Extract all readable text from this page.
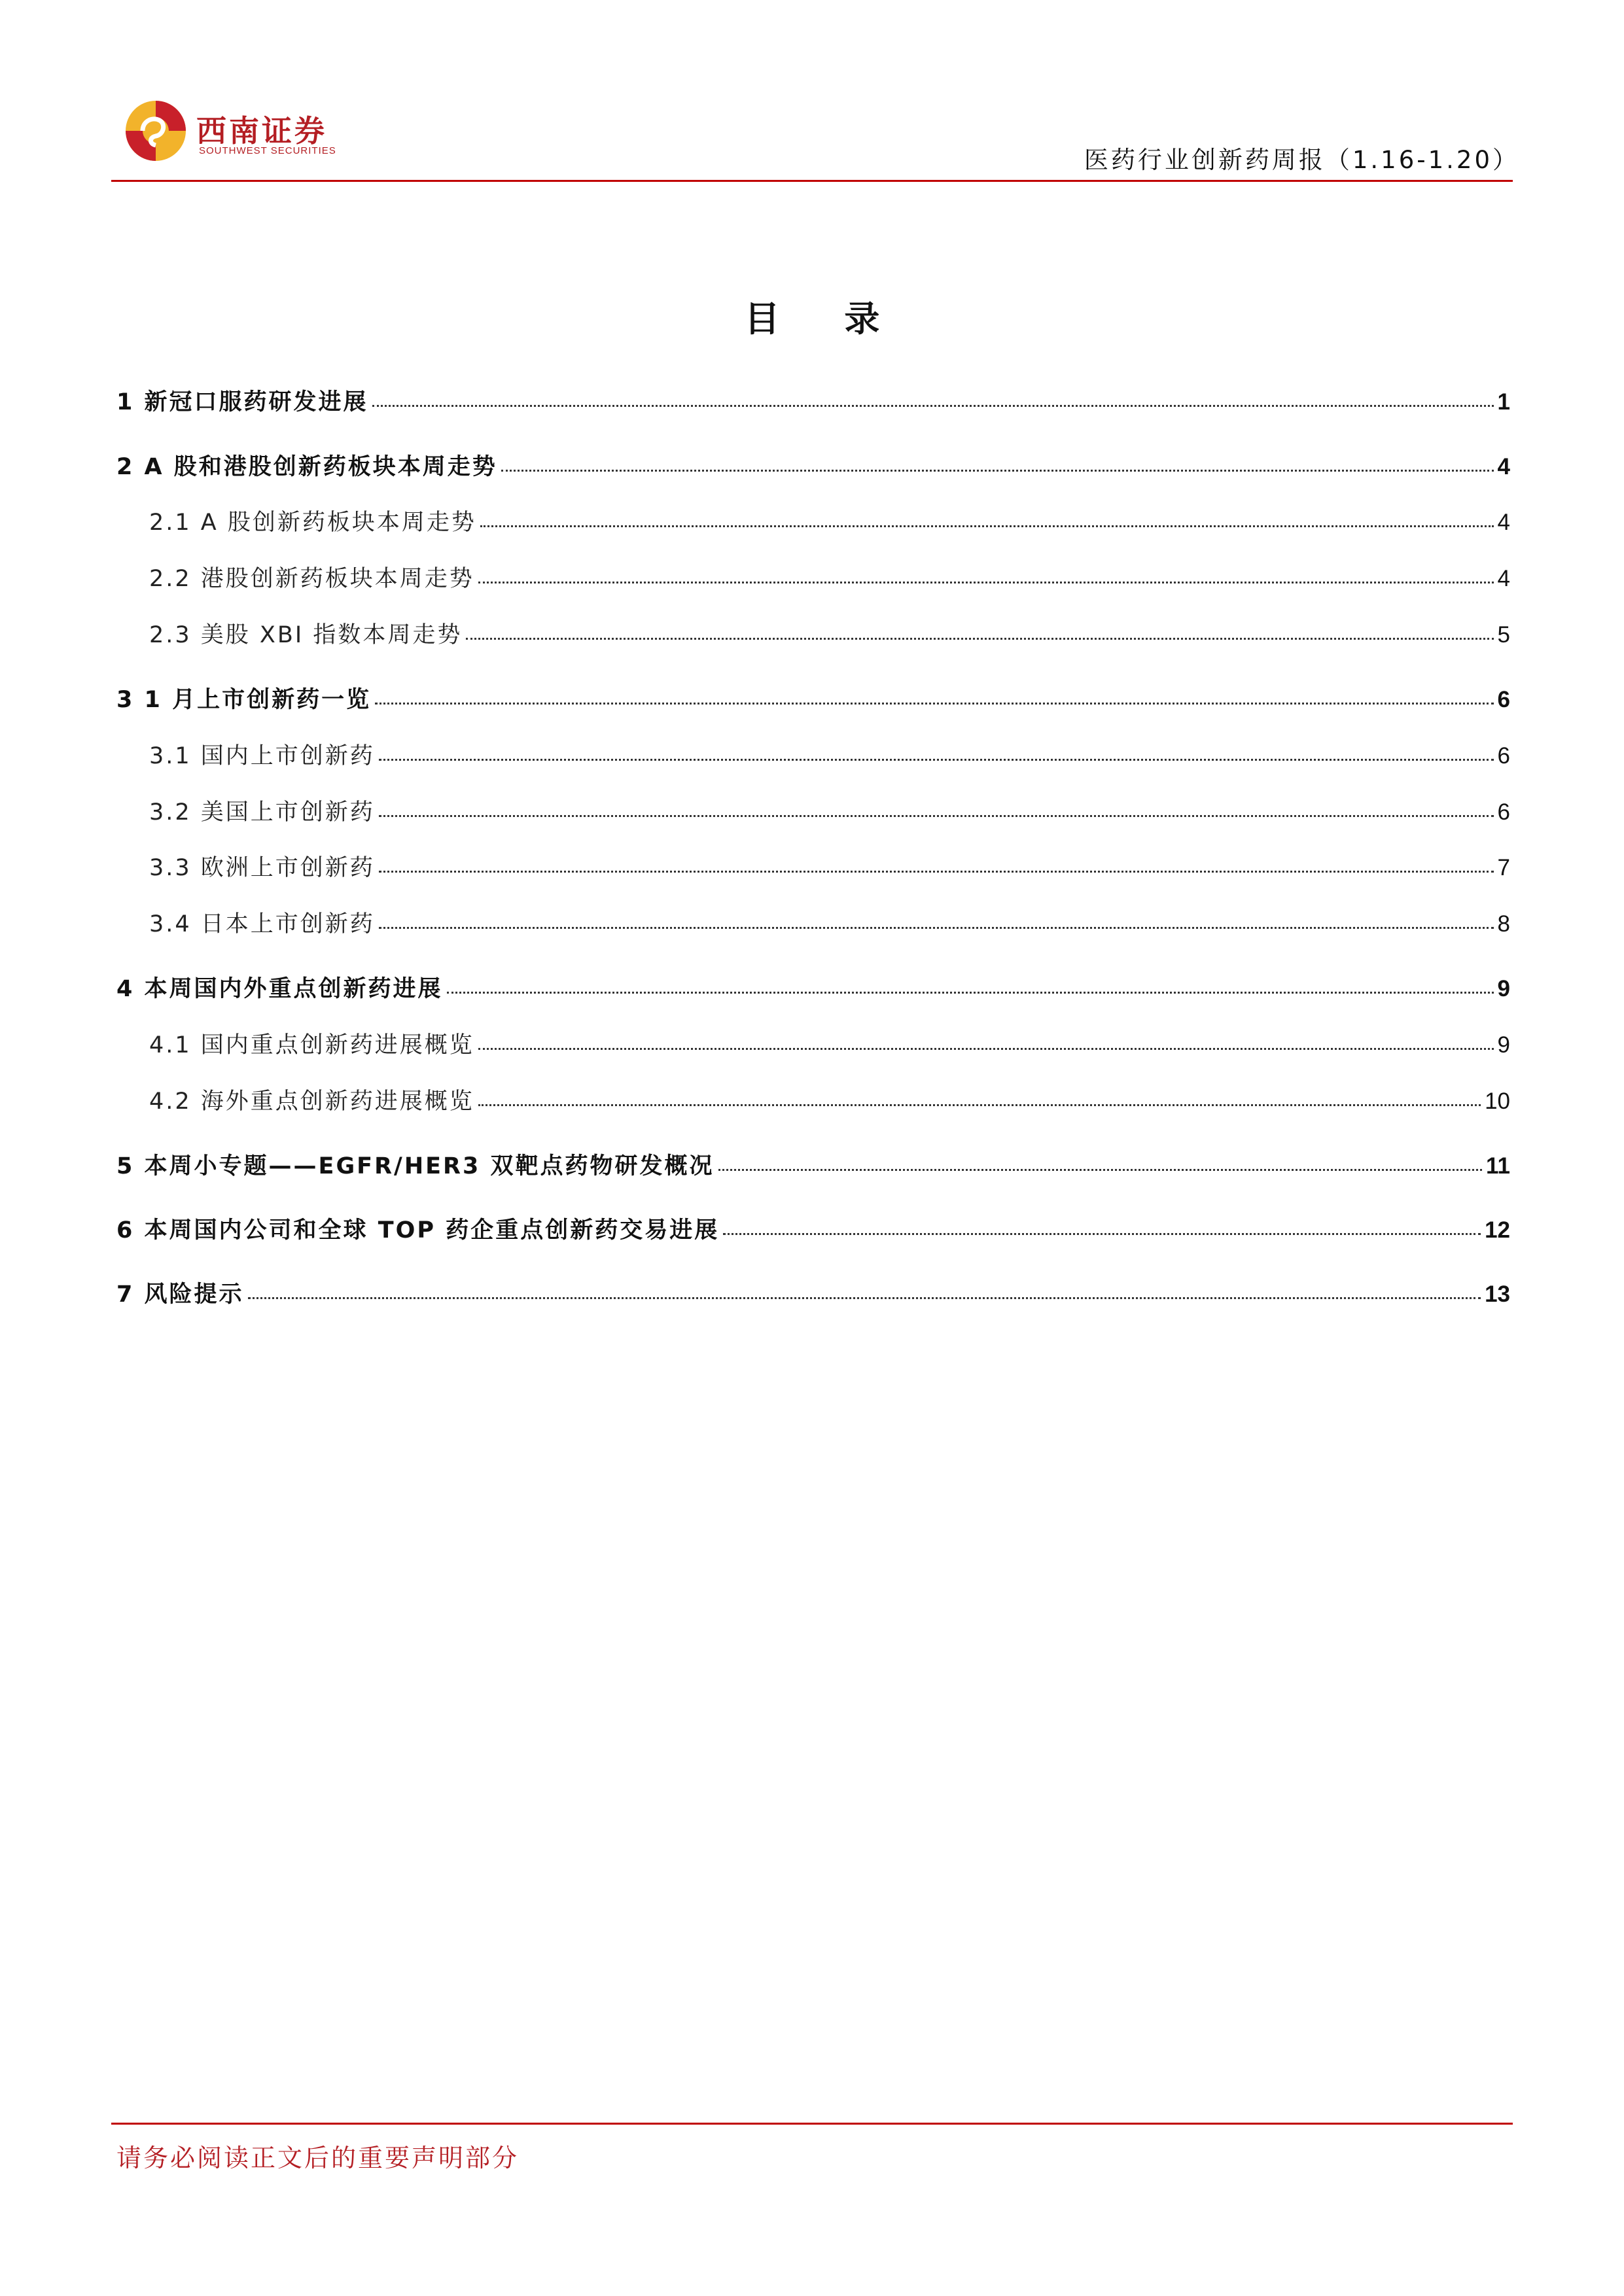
西南证券
SOUTHWEST SECURITIES	医药行业创新药周报（1.16-1.20）
目 录
1 新冠口服药研发进展	1
2 A 股和港股创新药板块本周走势	4
2.1 A 股创新药板块本周走势	4
2.2 港股创新药板块本周走势	4
2.3 美股 XBI 指数本周走势	5
3 1 月上市创新药一览	6
3.1 国内上市创新药	6
3.2 美国上市创新药	6
3.3 欧洲上市创新药	7
3.4 日本上市创新药	8
4 本周国内外重点创新药进展	9
4.1 国内重点创新药进展概览	9
4.2 海外重点创新药进展概览	10
5 本周小专题——EGFR/HER3 双靶点药物研发概况	11
6 本周国内公司和全球 TOP 药企重点创新药交易进展	12
7 风险提示	13
请务必阅读正文后的重要声明部分
